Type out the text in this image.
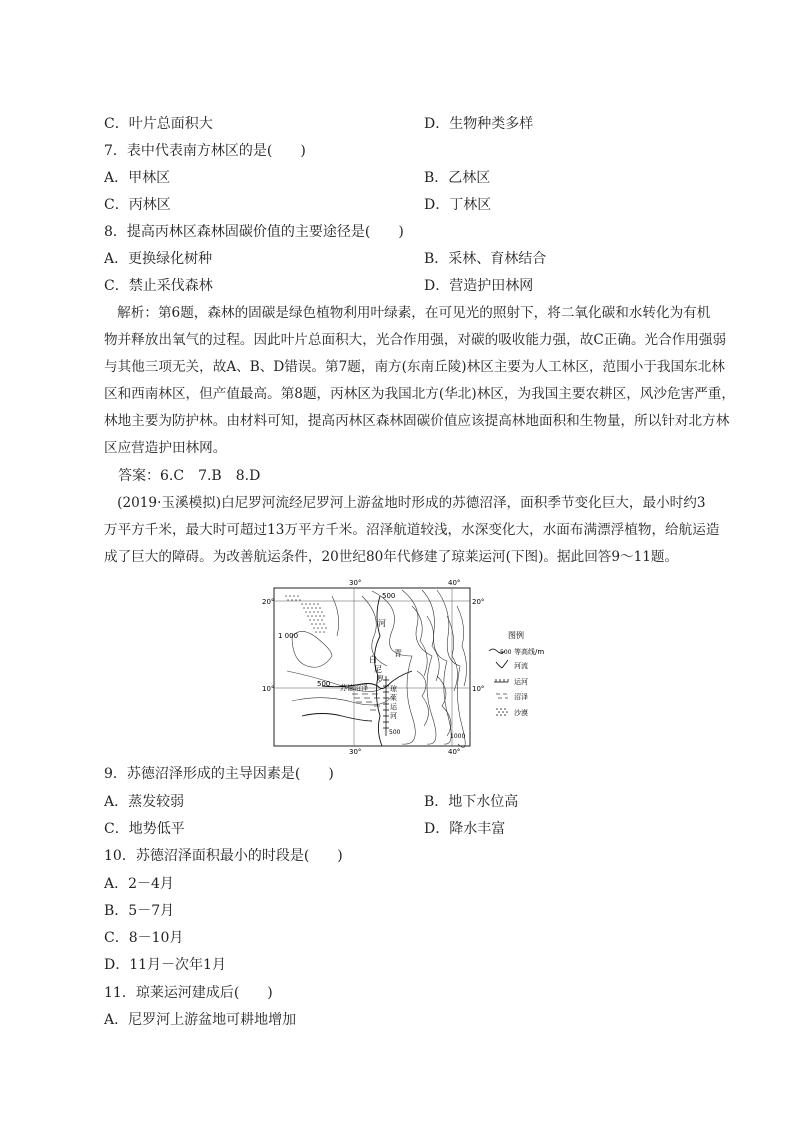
C．叶片总面积大	D．生物种类多样
7．表中代表南方林区的是(　　)
A．甲林区	B．乙林区
C．丙林区	D．丁林区
8．提高丙林区森林固碳价值的主要途径是(　　)
A．更换绿化树种	B．采林、育林结合
C．禁止采伐森林	D．营造护田林网
　　解析：第6题，森林的固碳是绿色植物利用叶绿素，在可见光的照射下，将二氧化碳和水转化为有机
物并释放出氧气的过程。因此叶片总面积大，光合作用强，对碳的吸收能力强，故C正确。光合作用强弱
与其他三项无关，故A、B、D错误。第7题，南方(东南丘陵)林区主要为人工林区，范围小于我国东北林
区和西南林区，但产值最高。第8题，丙林区为我国北方(华北)林区，为我国主要农耕区，风沙危害严重，
林地主要为防护林。由材料可知，提高丙林区森林固碳价值应该提高林地面积和生物量，所以针对北方林
区应营造护田林网。
　　答案：6.C　7.B　8.D
　　(2019·玉溪模拟)白尼罗河流经尼罗河上游盆地时形成的苏德沼泽，面积季节变化巨大，最小时约3
万平方千米，最大时可超过13万平方千米。沼泽航道较浅，水深变化大，水面布满漂浮植物，给航运造
成了巨大的障碍。为改善航运条件，20世纪80年代修建了琼莱运河(下图)。据此回答9～11题。
30°	40°
30°	40°
20°	20°
10°	10°
1 000
500
500
500
1000
河
白
尼
罗
青
苏德沼泽	琼
莱
运
河
图例
500 等高线/m
河流
运河
沼泽
沙漠
9．苏德沼泽形成的主导因素是(　　)
A．蒸发较弱	B．地下水位高
C．地势低平	D．降水丰富
10．苏德沼泽面积最小的时段是(　　)
A．2－4月
B．5－7月
C．8－10月
D．11月－次年1月
11．琼莱运河建成后(　　)
A．尼罗河上游盆地可耕地增加
